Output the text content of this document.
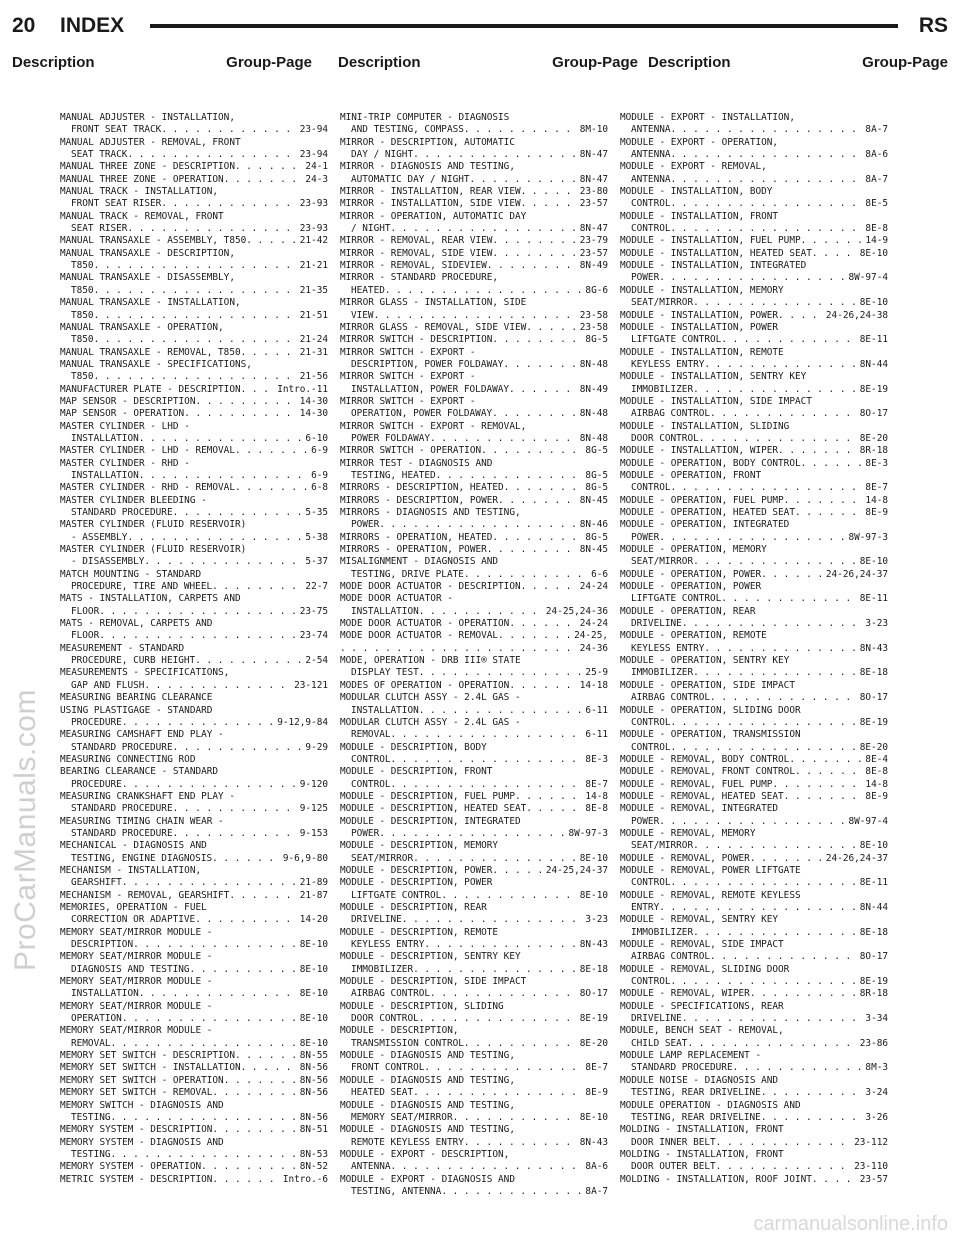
20 INDEX	RS
Description	Group-Page Description	Group-Page Description	Group-Page
MANUAL ADJUSTER - INSTALLATION,
FRONT SEAT TRACK . . .	23-94
MANUAL ADJUSTER - REMOVAL, FRONT
SEAT TRACK . . .	23-94
MANUAL THREE ZONE - DESCRIPTION . . .	24-1
MANUAL THREE ZONE - OPERATION . . .	24-3
MANUAL TRACK - INSTALLATION,
FRONT SEAT RISER . . .	23-93
MANUAL TRACK - REMOVAL, FRONT
SEAT RISER . . .	23-93
MANUAL TRANSAXLE - ASSEMBLY, T850 . . .	21-42
MANUAL TRANSAXLE - DESCRIPTION,
T850 . . .	21-21
MANUAL TRANSAXLE - DISASSEMBLY,
T850 . . .	21-35
MANUAL TRANSAXLE - INSTALLATION,
T850 . . .	21-51
MANUAL TRANSAXLE - OPERATION,
T850 . . .	21-24
MANUAL TRANSAXLE - REMOVAL, T850 . . .	21-31
MANUAL TRANSAXLE - SPECIFICATIONS,
T850 . . .	21-56
MANUFACTURER PLATE - DESCRIPTION . . .	Intro.-11
MAP SENSOR - DESCRIPTION . . .	14-30
MAP SENSOR - OPERATION . . .	14-30
MASTER CYLINDER - LHD -
INSTALLATION . . .	6-10
MASTER CYLINDER - LHD - REMOVAL . . .	6-9
MASTER CYLINDER - RHD -
INSTALLATION . . .	6-9
MASTER CYLINDER - RHD - REMOVAL . . .	6-8
MASTER CYLINDER BLEEDING -
STANDARD PROCEDURE . . .	5-35
MASTER CYLINDER (FLUID RESERVOIR)
- ASSEMBLY . . .	5-38
MASTER CYLINDER (FLUID RESERVOIR)
- DISASSEMBLY . . .	5-37
MATCH MOUNTING - STANDARD
PROCEDURE, TIRE AND WHEEL . . .	22-7
MATS - INSTALLATION, CARPETS AND
FLOOR . . .	23-75
MATS - REMOVAL, CARPETS AND
FLOOR . . .	23-74
MEASUREMENT - STANDARD
PROCEDURE, CURB HEIGHT . . .	2-54
MEASUREMENTS - SPECIFICATIONS,
GAP AND FLUSH . . .	23-121
MEASURING BEARING CLEARANCE
USING PLASTIGAGE - STANDARD
PROCEDURE . . .	9-12,9-84
MEASURING CAMSHAFT END PLAY -
STANDARD PROCEDURE . . .	9-29
MEASURING CONNECTING ROD
BEARING CLEARANCE - STANDARD
PROCEDURE . . .	9-120
MEASURING CRANKSHAFT END PLAY -
STANDARD PROCEDURE . . .	9-125
MEASURING TIMING CHAIN WEAR -
STANDARD PROCEDURE . . .	9-153
MECHANICAL - DIAGNOSIS AND
TESTING, ENGINE DIAGNOSIS . . .	9-6,9-80
MECHANISM - INSTALLATION,
GEARSHIFT . . .	21-89
MECHANISM - REMOVAL, GEARSHIFT . . .	21-87
MEMORIES, OPERATION - FUEL
CORRECTION OR ADAPTIVE . . .	14-20
MEMORY SEAT/MIRROR MODULE -
DESCRIPTION . . .	8E-10
MEMORY SEAT/MIRROR MODULE -
DIAGNOSIS AND TESTING . . .	8E-10
MEMORY SEAT/MIRROR MODULE -
INSTALLATION . . .	8E-10
MEMORY SEAT/MIRROR MODULE -
OPERATION . . .	8E-10
MEMORY SEAT/MIRROR MODULE -
REMOVAL . . .	8E-10
MEMORY SET SWITCH - DESCRIPTION . . .	8N-55
MEMORY SET SWITCH - INSTALLATION . . .	8N-56
MEMORY SET SWITCH - OPERATION . . .	8N-56
MEMORY SET SWITCH - REMOVAL . . .	8N-56
MEMORY SWITCH - DIAGNOSIS AND
TESTING . . .	8N-56
MEMORY SYSTEM - DESCRIPTION . . .	8N-51
MEMORY SYSTEM - DIAGNOSIS AND
TESTING . . .	8N-53
MEMORY SYSTEM - OPERATION . . .	8N-52
METRIC SYSTEM - DESCRIPTION . . .	Intro.-6
MINI-TRIP COMPUTER - DIAGNOSIS
AND TESTING, COMPASS . . .	8M-10
MIRROR - DESCRIPTION, AUTOMATIC
DAY / NIGHT . . .	8N-47
MIRROR - DIAGNOSIS AND TESTING,
AUTOMATIC DAY / NIGHT . . .	8N-47
MIRROR - INSTALLATION, REAR VIEW . . .	23-80
MIRROR - INSTALLATION, SIDE VIEW . . .	23-57
MIRROR - OPERATION, AUTOMATIC DAY
/ NIGHT . . .	8N-47
MIRROR - REMOVAL, REAR VIEW . . .	23-79
MIRROR - REMOVAL, SIDE VIEW . . .	23-57
MIRROR - REMOVAL, SIDEVIEW . . .	8N-49
MIRROR - STANDARD PROCEDURE,
HEATED . . .	8G-6
MIRROR GLASS - INSTALLATION, SIDE
VIEW . . .	23-58
MIRROR GLASS - REMOVAL, SIDE VIEW . . .	23-58
MIRROR SWITCH - DESCRIPTION . . .	8G-5
MIRROR SWITCH - EXPORT -
DESCRIPTION, POWER FOLDAWAY . . .	8N-48
MIRROR SWITCH - EXPORT -
INSTALLATION, POWER FOLDAWAY . . .	8N-49
MIRROR SWITCH - EXPORT -
OPERATION, POWER FOLDAWAY . . .	8N-48
MIRROR SWITCH - EXPORT - REMOVAL,
POWER FOLDAWAY . . .	8N-48
MIRROR SWITCH - OPERATION . . .	8G-5
MIRROR TEST - DIAGNOSIS AND
TESTING, HEATED . . .	8G-5
MIRRORS - DESCRIPTION, HEATED . . .	8G-5
MIRRORS - DESCRIPTION, POWER . . .	8N-45
MIRRORS - DIAGNOSIS AND TESTING,
POWER . . .	8N-46
MIRRORS - OPERATION, HEATED . . .	8G-5
MIRRORS - OPERATION, POWER . . .	8N-45
MISALIGNMENT - DIAGNOSIS AND
TESTING, DRIVE PLATE . . .	6-6
MODE DOOR ACTUATOR - DESCRIPTION . . .	24-24
MODE DOOR ACTUATOR -
INSTALLATION . . .	24-25,24-36
MODE DOOR ACTUATOR - OPERATION . . .	24-24
MODE DOOR ACTUATOR - REMOVAL . . .	24-25,
. . .
24-36
MODE, OPERATION - DRB III® STATE
DISPLAY TEST . . .	25-9
MODES OF OPERATION - OPERATION . . .	14-18
MODULAR CLUTCH ASSY - 2.4L GAS -
INSTALLATION . . .	6-11
MODULAR CLUTCH ASSY - 2.4L GAS -
REMOVAL . . .	6-11
MODULE - DESCRIPTION, BODY
CONTROL . . .	8E-3
MODULE - DESCRIPTION, FRONT
CONTROL . . .	8E-7
MODULE - DESCRIPTION, FUEL PUMP . . .	14-8
MODULE - DESCRIPTION, HEATED SEAT . . .	8E-8
MODULE - DESCRIPTION, INTEGRATED
POWER . . .	8W-97-3
MODULE - DESCRIPTION, MEMORY
SEAT/MIRROR . . .	8E-10
MODULE - DESCRIPTION, POWER . . .	24-25,24-37
MODULE - DESCRIPTION, POWER
LIFTGATE CONTROL . . .	8E-10
MODULE - DESCRIPTION, REAR
DRIVELINE . . .	3-23
MODULE - DESCRIPTION, REMOTE
KEYLESS ENTRY . . .	8N-43
MODULE - DESCRIPTION, SENTRY KEY
IMMOBILIZER . . .	8E-18
MODULE - DESCRIPTION, SIDE IMPACT
AIRBAG CONTROL . . .	8O-17
MODULE - DESCRIPTION, SLIDING
DOOR CONTROL . . .	8E-19
MODULE - DESCRIPTION,
TRANSMISSION CONTROL . . .	8E-20
MODULE - DIAGNOSIS AND TESTING,
FRONT CONTROL . . .	8E-7
MODULE - DIAGNOSIS AND TESTING,
HEATED SEAT . . .	8E-9
MODULE - DIAGNOSIS AND TESTING,
MEMORY SEAT/MIRROR . . .	8E-10
MODULE - DIAGNOSIS AND TESTING,
REMOTE KEYLESS ENTRY . . .	8N-43
MODULE - EXPORT - DESCRIPTION,
ANTENNA . . .	8A-6
MODULE - EXPORT - DIAGNOSIS AND
TESTING, ANTENNA . . .	8A-7
MODULE - EXPORT - INSTALLATION,
ANTENNA . . .	8A-7
MODULE - EXPORT - OPERATION,
ANTENNA . . .	8A-6
MODULE - EXPORT - REMOVAL,
ANTENNA . . .	8A-7
MODULE - INSTALLATION, BODY
CONTROL . . .	8E-5
MODULE - INSTALLATION, FRONT
CONTROL . . .	8E-8
MODULE - INSTALLATION, FUEL PUMP . . .	14-9
MODULE - INSTALLATION, HEATED SEAT . . .	8E-10
MODULE - INSTALLATION, INTEGRATED
POWER . . .	8W-97-4
MODULE - INSTALLATION, MEMORY
SEAT/MIRROR . . .	8E-10
MODULE - INSTALLATION, POWER . . .	24-26,24-38
MODULE - INSTALLATION, POWER
LIFTGATE CONTROL . . .	8E-11
MODULE - INSTALLATION, REMOTE
KEYLESS ENTRY . . .	8N-44
MODULE - INSTALLATION, SENTRY KEY
IMMOBILIZER . . .	8E-19
MODULE - INSTALLATION, SIDE IMPACT
AIRBAG CONTROL . . .	8O-17
MODULE - INSTALLATION, SLIDING
DOOR CONTROL . . .	8E-20
MODULE - INSTALLATION, WIPER . . .	8R-18
MODULE - OPERATION, BODY CONTROL . . .	8E-3
MODULE - OPERATION, FRONT
CONTROL . . .	8E-7
MODULE - OPERATION, FUEL PUMP . . .	14-8
MODULE - OPERATION, HEATED SEAT . . .	8E-9
MODULE - OPERATION, INTEGRATED
POWER . . .	8W-97-3
MODULE - OPERATION, MEMORY
SEAT/MIRROR . . .	8E-10
MODULE - OPERATION, POWER . . .	24-26,24-37
MODULE - OPERATION, POWER
LIFTGATE CONTROL . . .	8E-11
MODULE - OPERATION, REAR
DRIVELINE . . .	3-23
MODULE - OPERATION, REMOTE
KEYLESS ENTRY . . .	8N-43
MODULE - OPERATION, SENTRY KEY
IMMOBILIZER . . .	8E-18
MODULE - OPERATION, SIDE IMPACT
AIRBAG CONTROL . . .	8O-17
MODULE - OPERATION, SLIDING DOOR
CONTROL . . .	8E-19
MODULE - OPERATION, TRANSMISSION
CONTROL . . .	8E-20
MODULE - REMOVAL, BODY CONTROL . . .	8E-4
MODULE - REMOVAL, FRONT CONTROL . . .	8E-8
MODULE - REMOVAL, FUEL PUMP . . .	14-8
MODULE - REMOVAL, HEATED SEAT . . .	8E-9
MODULE - REMOVAL, INTEGRATED
POWER . . .	8W-97-4
MODULE - REMOVAL, MEMORY
SEAT/MIRROR . . .	8E-10
MODULE - REMOVAL, POWER . . .	24-26,24-37
MODULE - REMOVAL, POWER LIFTGATE
CONTROL . . .	8E-11
MODULE - REMOVAL, REMOTE KEYLESS
ENTRY . . .	8N-44
MODULE - REMOVAL, SENTRY KEY
IMMOBILIZER . . .	8E-18
MODULE - REMOVAL, SIDE IMPACT
AIRBAG CONTROL . . .	8O-17
MODULE - REMOVAL, SLIDING DOOR
CONTROL . . .	8E-19
MODULE - REMOVAL, WIPER . . .	8R-18
MODULE - SPECIFICATIONS, REAR
DRIVELINE . . .	3-34
MODULE, BENCH SEAT - REMOVAL,
CHILD SEAT . . .	23-86
MODULE LAMP REPLACEMENT -
STANDARD PROCEDURE . . .	8M-3
MODULE NOISE - DIAGNOSIS AND
TESTING, REAR DRIVELINE . . .	3-24
MODULE OPERATION - DIAGNOSIS AND
TESTING, REAR DRIVELINE . . .	3-26
MOLDING - INSTALLATION, FRONT
DOOR INNER BELT . . .	23-112
MOLDING - INSTALLATION, FRONT
DOOR OUTER BELT . . .	23-110
MOLDING - INSTALLATION, ROOF JOINT . . .	23-57
ProCarManuals.com
carmanualsonline.info
